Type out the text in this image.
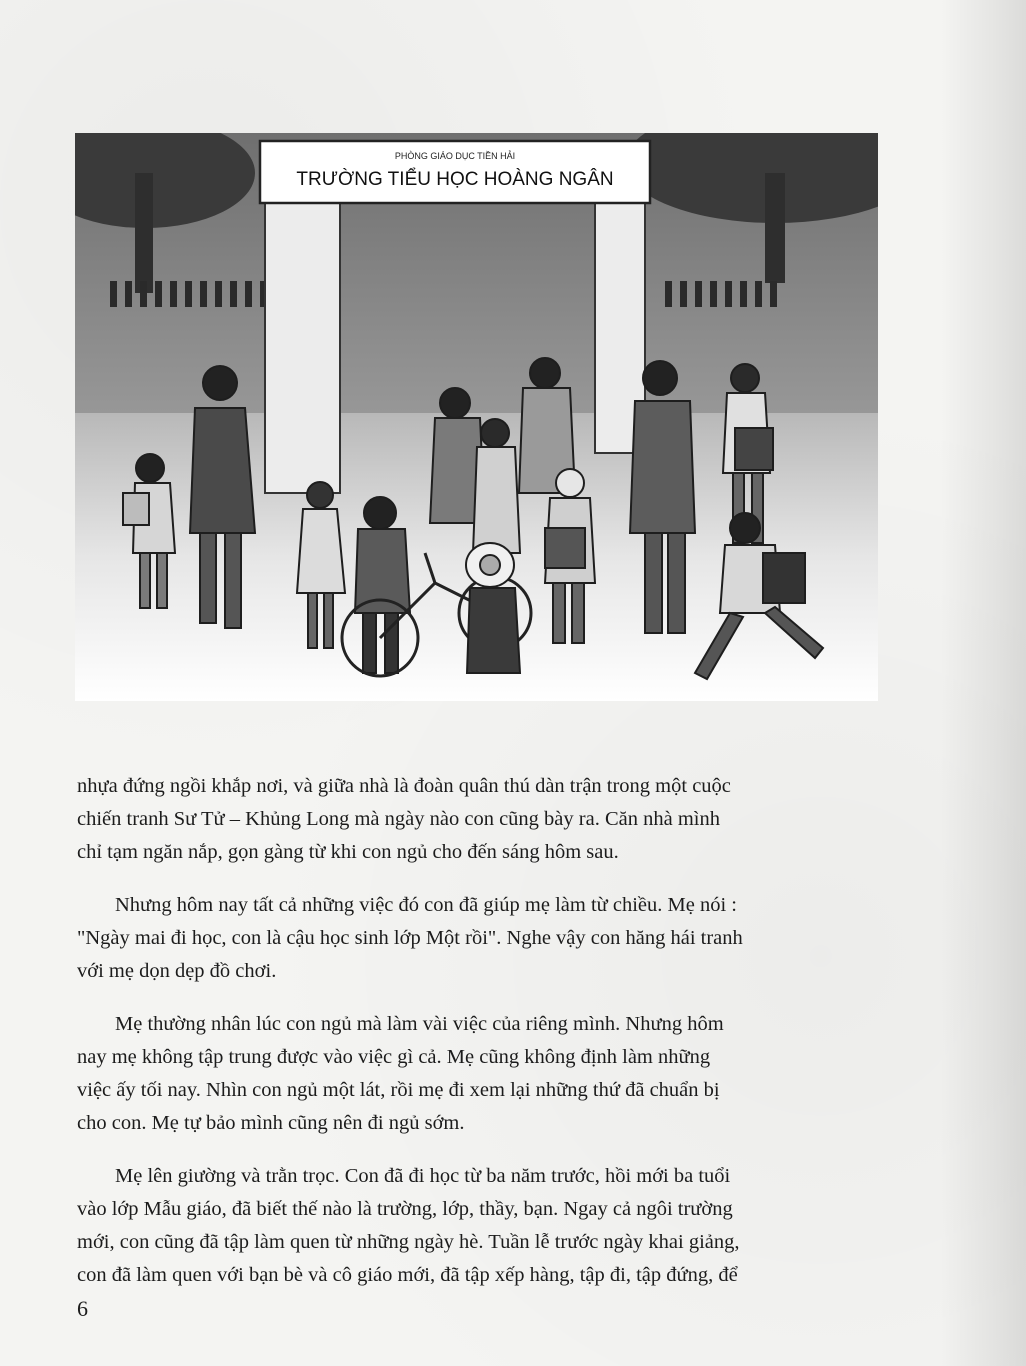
PHÒNG GIÁO DỤC TIỀN HẢI
TRƯỜNG TIỂU HỌC HOÀNG NGÂN

nhựa đứng ngồi khắp nơi, và giữa nhà là đoàn quân thú dàn trận trong một cuộc
chiến tranh Sư Tử – Khủng Long mà ngày nào con cũng bày ra. Căn nhà mình
chỉ tạm ngăn nắp, gọn gàng từ khi con ngủ cho đến sáng hôm sau.

Nhưng hôm nay tất cả những việc đó con đã giúp mẹ làm từ chiều. Mẹ nói :
"Ngày mai đi học, con là cậu học sinh lớp Một rồi". Nghe vậy con hăng hái tranh
với mẹ dọn dẹp đồ chơi.

Mẹ thường nhân lúc con ngủ mà làm vài việc của riêng mình. Nhưng hôm
nay mẹ không tập trung được vào việc gì cả. Mẹ cũng không định làm những
việc ấy tối nay. Nhìn con ngủ một lát, rồi mẹ đi xem lại những thứ đã chuẩn bị
cho con. Mẹ tự bảo mình cũng nên đi ngủ sớm.

Mẹ lên giường và trằn trọc. Con đã đi học từ ba năm trước, hồi mới ba tuổi
vào lớp Mẫu giáo, đã biết thế nào là trường, lớp, thầy, bạn. Ngay cả ngôi trường
mới, con cũng đã tập làm quen từ những ngày hè. Tuần lễ trước ngày khai giảng,
con đã làm quen với bạn bè và cô giáo mới, đã tập xếp hàng, tập đi, tập đứng, để

6
